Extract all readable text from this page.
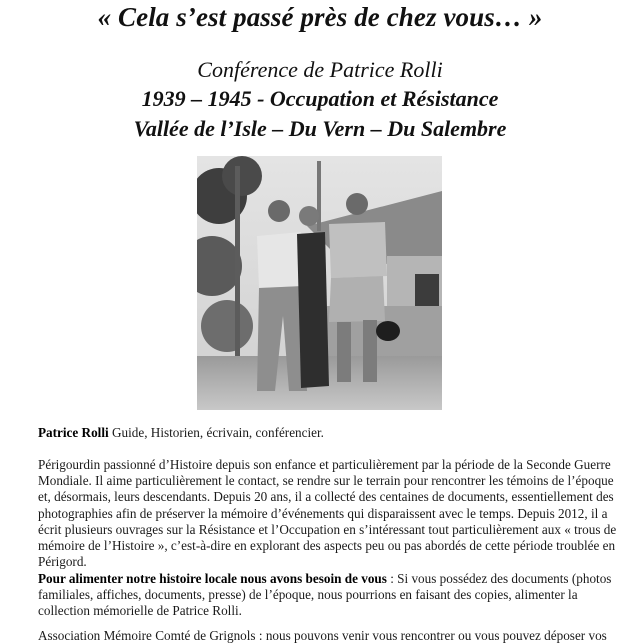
« Cela s’est passé près de chez vous… »
Conférence de Patrice Rolli
1939 – 1945 - Occupation et Résistance
Vallée de l’Isle – Du Vern – Du Salembre
Patrice Rolli Guide, Historien, écrivain, conférencier.
Périgourdin passionné d’Histoire depuis son enfance et particulièrement par la période de la Seconde Guerre Mondiale. Il aime particulièrement le contact, se rendre sur le terrain pour rencontrer les témoins de l’époque et, désormais, leurs descendants. Depuis 20 ans, il a collecté des centaines de documents, essentiellement des photographies afin de préserver la mémoire d’événements qui disparaissent avec le temps. Depuis 2012, il a écrit plusieurs ouvrages sur la Résistance et l’Occupation en s’intéressant tout particulièrement aux « trous de mémoire de l’Histoire », c’est-à-dire en explorant des aspects peu ou pas abordés de cette période troublée en Périgord.
Pour alimenter notre histoire locale nous avons besoin de vous : Si vous possédez des documents (photos familiales, affiches, documents, presse) de l’époque, nous pourrions en faisant des copies, alimenter la collection mémorielle de Patrice Rolli.
Association Mémoire Comté de Grignols : nous pouvons venir vous rencontrer ou vous pouvez déposer vos
